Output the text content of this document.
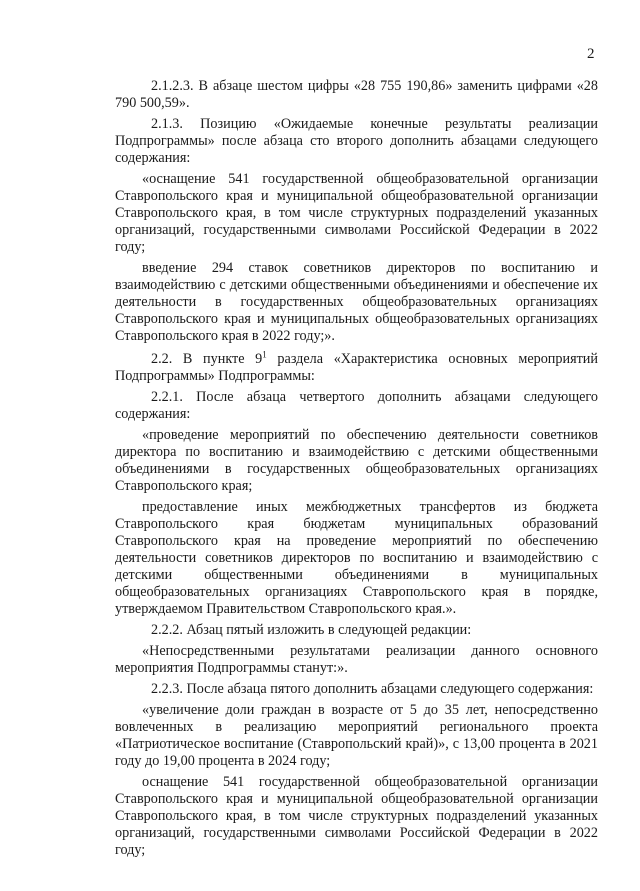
2

2.1.2.3. В абзаце шестом цифры «28 755 190,86» заменить цифрами «28 790 500,59».

2.1.3. Позицию «Ожидаемые конечные результаты реализации Подпрограммы» после абзаца сто второго дополнить абзацами следующего содержания:

«оснащение 541 государственной общеобразовательной организации Ставропольского края и муниципальной общеобразовательной организации Ставропольского края, в том числе структурных подразделений указанных организаций, государственными символами Российской Федерации в 2022 году;

введение 294 ставок советников директоров по воспитанию и взаимодействию с детскими общественными объединениями и обеспечение их деятельности в государственных общеобразовательных организациях Ставропольского края и муниципальных общеобразовательных организациях Ставропольского края в 2022 году;».

2.2. В пункте $9^1$ раздела «Характеристика основных мероприятий Подпрограммы» Подпрограммы:

2.2.1. После абзаца четвертого дополнить абзацами следующего содержания:

«проведение мероприятий по обеспечению деятельности советников директора по воспитанию и взаимодействию с детскими общественными объединениями в государственных общеобразовательных организациях Ставропольского края;

предоставление иных межбюджетных трансфертов из бюджета Ставропольского края бюджетам муниципальных образований Ставропольского края на проведение мероприятий по обеспечению деятельности советников директоров по воспитанию и взаимодействию с детскими общественными объединениями в муниципальных общеобразовательных организациях Ставропольского края в порядке, утверждаемом Правительством Ставропольского края.».

2.2.2. Абзац пятый изложить в следующей редакции:

«Непосредственными результатами реализации данного основного мероприятия Подпрограммы станут:».

2.2.3. После абзаца пятого дополнить абзацами следующего содержания:

«увеличение доли граждан в возрасте от 5 до 35 лет, непосредственно вовлеченных в реализацию мероприятий регионального проекта «Патриотическое воспитание (Ставропольский край)», с 13,00 процента в 2021 году до 19,00 процента в 2024 году;

оснащение 541 государственной общеобразовательной организации Ставропольского края и муниципальной общеобразовательной организации Ставропольского края, в том числе структурных подразделений указанных организаций, государственными символами Российской Федерации в 2022 году;
